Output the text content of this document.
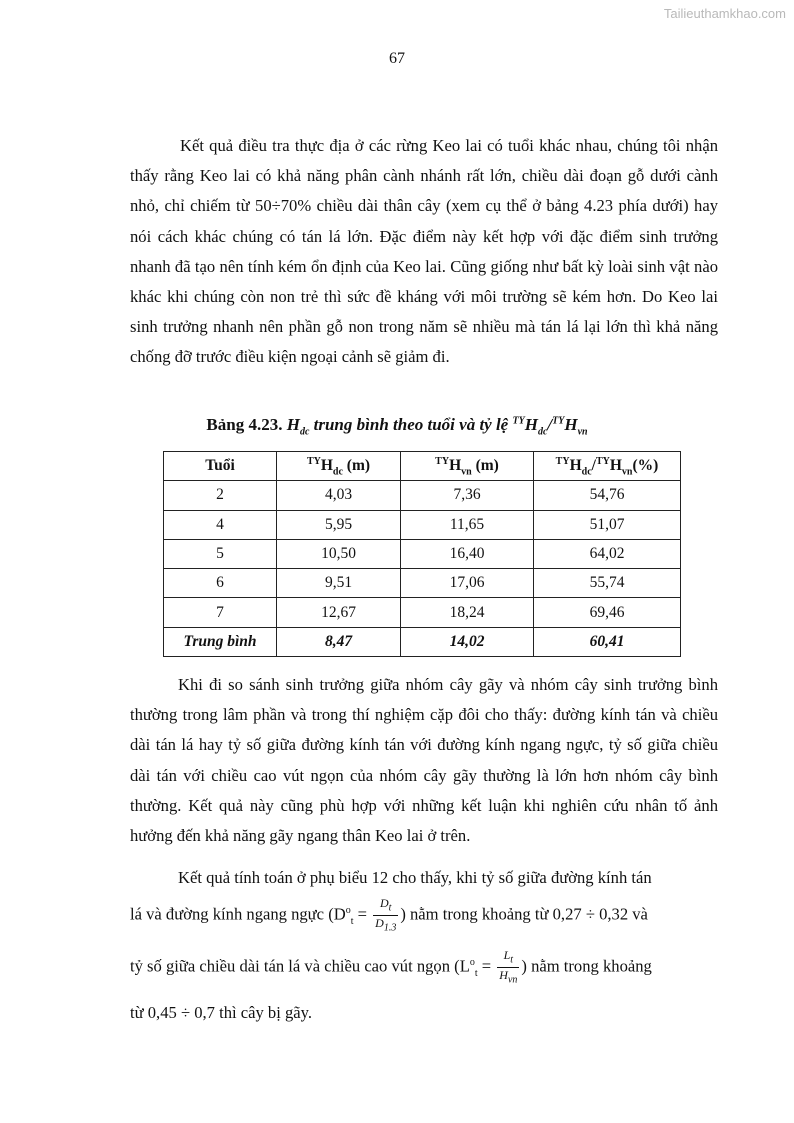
Tailieuthamkhao.com
67

Kết quả điều tra thực địa ở các rừng Keo lai có tuổi khác nhau, chúng tôi nhận thấy rằng Keo lai có khả năng phân cành nhánh rất lớn, chiều dài đoạn gỗ dưới cành nhỏ, chỉ chiếm từ 50÷70% chiều dài thân cây (xem cụ thể ở bảng 4.23 phía dưới) hay nói cách khác chúng có tán lá lớn. Đặc điểm này kết hợp với đặc điểm sinh trưởng nhanh đã tạo nên tính kém ổn định của Keo lai. Cũng giống như bất kỳ loài sinh vật nào khác khi chúng còn non trẻ thì sức đề kháng với môi trường sẽ kém hơn. Do Keo lai sinh trưởng nhanh nên phần gỗ non trong năm sẽ nhiều mà tán lá lại lớn thì khả năng chống đỡ trước điều kiện ngoại cảnh sẽ giảm đi.

Bảng 4.23. $H_{dc}$ trung bình theo tuổi và tỷ lệ $^{TY}H_{dc}/^{TY}H_{vn}$
Tuổi	$^{TY}H_{dc}$ (m)	$^{TY}H_{vn}$ (m)	$^{TY}H_{dc}/^{TY}H_{vn}(\%)$
2	4,03	7,36	54,76
4	5,95	11,65	51,07
5	10,50	16,40	64,02
6	9,51	17,06	55,74
7	12,67	18,24	69,46
Trung bình	8,47	14,02	60,41

Khi đi so sánh sinh trưởng giữa nhóm cây gãy và nhóm cây sinh trưởng bình thường trong lâm phần và trong thí nghiệm cặp đôi cho thấy: đường kính tán và chiều dài tán lá hay tỷ số giữa đường kính tán với đường kính ngang ngực, tỷ số giữa chiều dài tán với chiều cao vút ngọn của nhóm cây gãy thường là lớn hơn nhóm cây bình thường. Kết quả này cũng phù hợp với những kết luận khi nghiên cứu nhân tố ảnh hưởng đến khả năng gãy ngang thân Keo lai ở trên.

Kết quả tính toán ở phụ biểu 12 cho thấy, khi tỷ số giữa đường kính tán
lá và đường kính ngang ngực ($D^o_t = \frac{D_t}{D_{1.3}}$ ) nằm trong khoảng từ 0,27 ÷ 0,32 và
tỷ số giữa chiều dài tán lá và chiều cao vút ngọn ($L^o_t = \frac{L_t}{H_{vn}}$ ) nằm trong khoảng
từ 0,45 ÷ 0,7 thì cây bị gãy.
